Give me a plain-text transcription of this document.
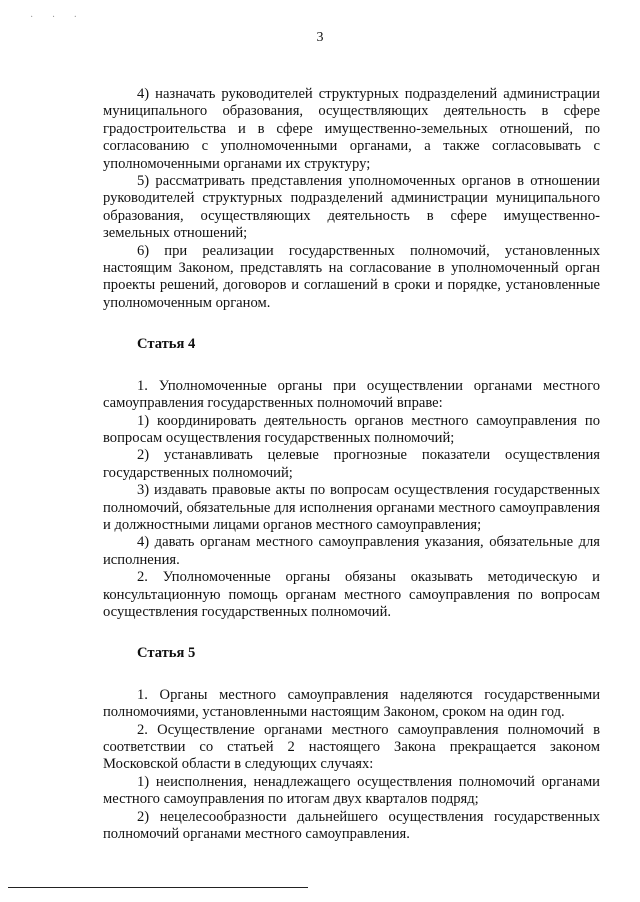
· · ·
3

4) назначать руководителей структурных подразделений администрации муниципального образования, осуществляющих деятельность в сфере градостроительства и в сфере имущественно-земельных отношений, по согласованию с уполномоченными органами, а также согласовывать с уполномоченными органами их структуру;

5) рассматривать представления уполномоченных органов в отношении руководителей структурных подразделений администрации муниципального образования, осуществляющих деятельность в сфере имущественно-земельных отношений;

6) при реализации государственных полномочий, установленных настоящим Законом, представлять на согласование в уполномоченный орган проекты решений, договоров и соглашений в сроки и порядке, установленные уполномоченным органом.

Статья 4

1. Уполномоченные органы при осуществлении органами местного самоуправления государственных полномочий вправе:

1) координировать деятельность органов местного самоуправления по вопросам осуществления государственных полномочий;

2) устанавливать целевые прогнозные показатели осуществления государственных полномочий;

3) издавать правовые акты по вопросам осуществления государственных полномочий, обязательные для исполнения органами местного самоуправления и должностными лицами органов местного самоуправления;

4) давать органам местного самоуправления указания, обязательные для исполнения.

2. Уполномоченные органы обязаны оказывать методическую и консультационную помощь органам местного самоуправления по вопросам осуществления государственных полномочий.

Статья 5

1. Органы местного самоуправления наделяются государственными полномочиями, установленными настоящим Законом, сроком на один год.

2. Осуществление органами местного самоуправления полномочий в соответствии со статьей 2 настоящего Закона прекращается законом Московской области в следующих случаях:

1) неисполнения, ненадлежащего осуществления полномочий органами местного самоуправления по итогам двух кварталов подряд;

2) нецелесообразности дальнейшего осуществления государственных полномочий органами местного самоуправления.
